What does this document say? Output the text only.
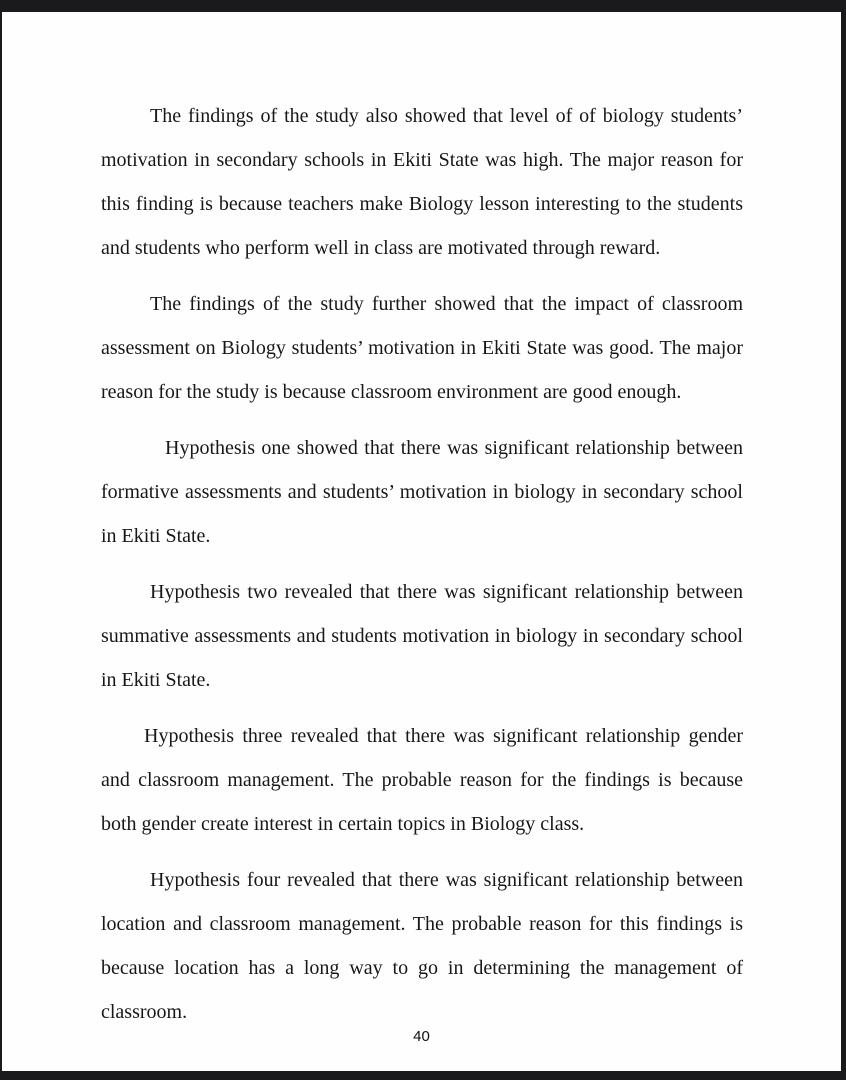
The findings of the study also showed that level of of biology students’ motivation in secondary schools in Ekiti State was high. The major reason for this finding is because teachers make Biology lesson interesting to the students and students who perform well in class are motivated through reward.

The findings of the study further showed that the impact of classroom assessment on Biology students’ motivation in Ekiti State was good. The major reason for the study is because classroom environment are good enough.

Hypothesis one showed that there was significant relationship between formative assessments and students’ motivation in biology in secondary school in Ekiti State.

Hypothesis two revealed that there was significant relationship between summative assessments and students motivation in biology in secondary school in Ekiti State.

Hypothesis three revealed that there was significant relationship gender and classroom management. The probable reason for the findings is because both gender create interest in certain topics in Biology class.

Hypothesis four revealed that there was significant relationship between location and classroom management. The probable reason for this findings is because location has a long way to go in determining the management of classroom.

40
